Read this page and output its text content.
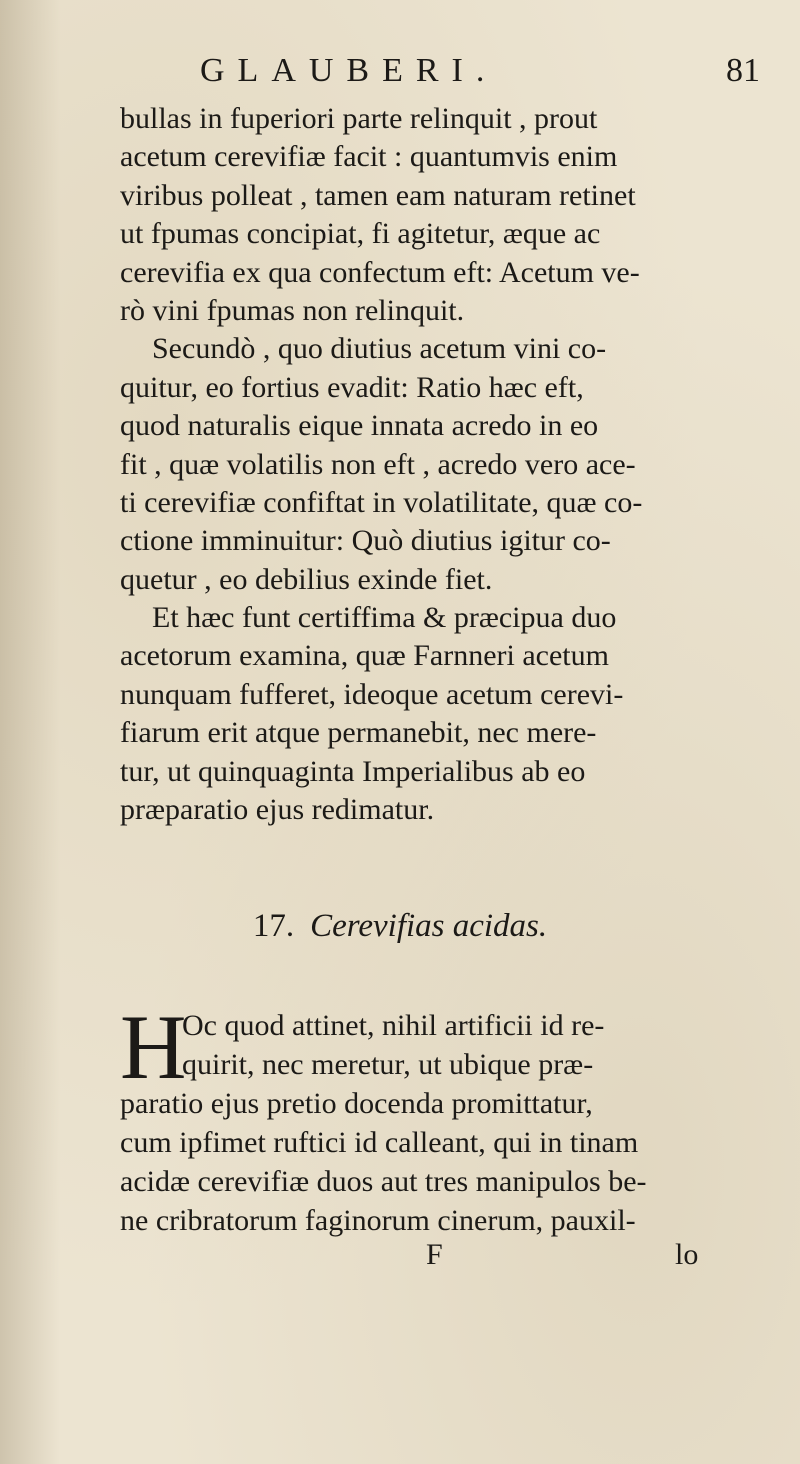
GLAUBERI.	81
bullas in fuperiori parte relinquit , prout
acetum cerevifiæ facit : quantumvis enim
viribus polleat , tamen eam naturam retinet
ut fpumas concipiat, fi agitetur, æque ac
cerevifia ex qua confectum eft: Acetum ve-
rò vini fpumas non relinquit.
Secundò , quo diutius acetum vini co-
quitur, eo fortius evadit: Ratio hæc eft,
quod naturalis eique innata acredo in eo
fit , quæ volatilis non eft , acredo vero ace-
ti cerevifiæ confiftat in volatilitate, quæ co-
ctione imminuitur: Quò diutius igitur co-
quetur , eo debilius exinde fiet.
Et hæc funt certiffima & præcipua duo
acetorum examina, quæ Farnneri acetum
nunquam fufferet, ideoque acetum cerevi-
fiarum erit atque permanebit, nec mere-
tur, ut quinquaginta Imperialibus ab eo
præparatio ejus redimatur.
17. Cerevifias acidas.
H
Oc quod attinet, nihil artificii id re-
quirit, nec meretur, ut ubique præ-
paratio ejus pretio docenda promittatur,
cum ipfimet ruftici id calleant, qui in tinam
acidæ cerevifiæ duos aut tres manipulos be-
ne cribratorum faginorum cinerum, pauxil-
F	lo
